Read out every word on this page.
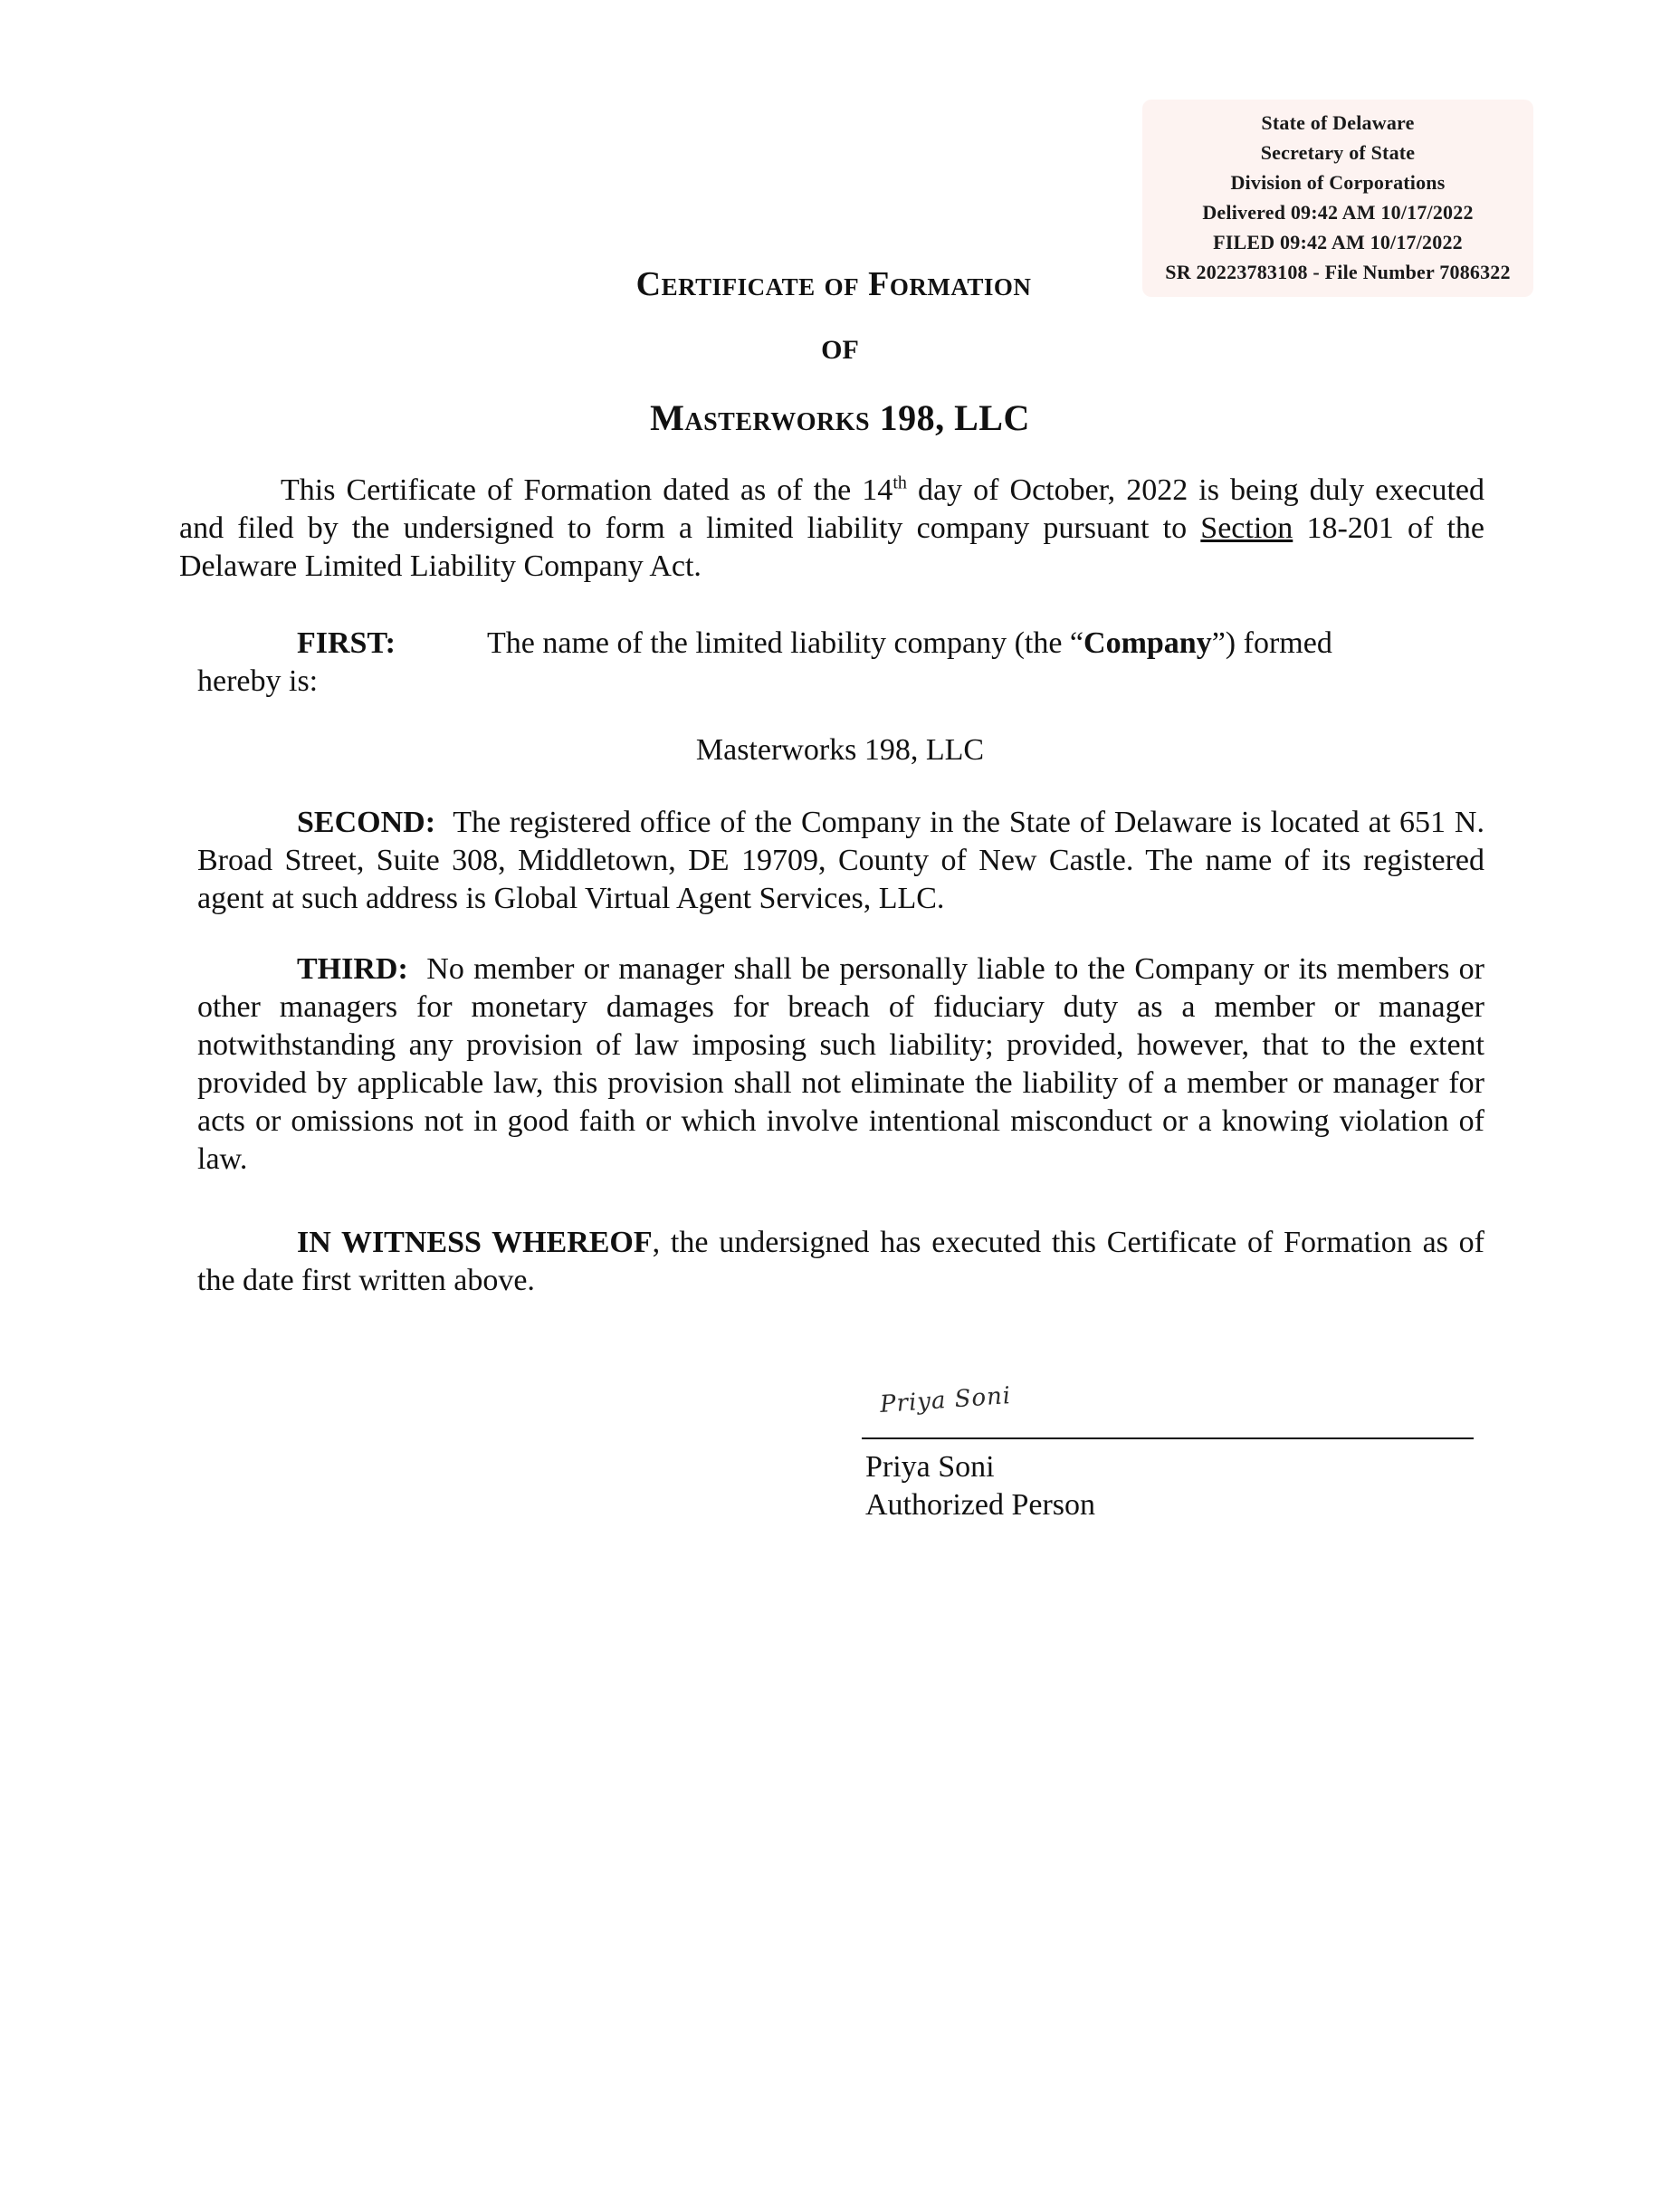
State of Delaware
Secretary of State
Division of Corporations
Delivered 09:42 AM 10/17/2022
FILED 09:42 AM 10/17/2022
SR 20223783108 - File Number 7086322
Certificate of Formation
OF
Masterworks 198, LLC
This Certificate of Formation dated as of the 14th day of October, 2022 is being duly executed and filed by the undersigned to form a limited liability company pursuant to Section 18-201 of the Delaware Limited Liability Company Act.
FIRST:	The name of the limited liability company (the “Company”) formed
hereby is:
Masterworks 198, LLC
SECOND: The registered office of the Company in the State of Delaware is located at 651 N. Broad Street, Suite 308, Middletown, DE 19709, County of New Castle. The name of its registered agent at such address is Global Virtual Agent Services, LLC.
THIRD: No member or manager shall be personally liable to the Company or its members or other managers for monetary damages for breach of fiduciary duty as a member or manager notwithstanding any provision of law imposing such liability; provided, however, that to the extent provided by applicable law, this provision shall not eliminate the liability of a member or manager for acts or omissions not in good faith or which involve intentional misconduct or a knowing violation of law.
IN WITNESS WHEREOF, the undersigned has executed this Certificate of Formation as of the date first written above.
Priya Soni
Priya Soni
Authorized Person
